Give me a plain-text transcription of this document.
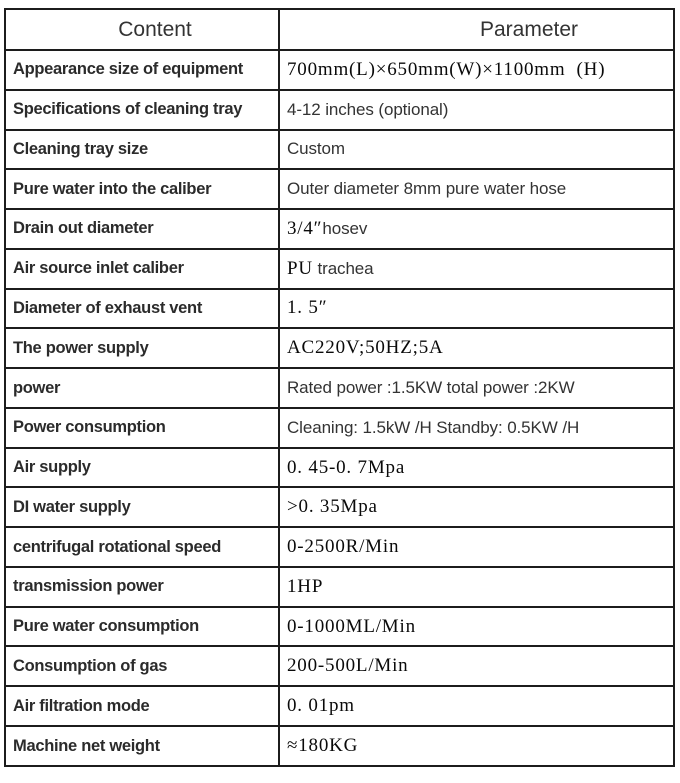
Content	Parameter
Appearance size of equipment	700mm(L)×650mm(W)×1100mm  (H)
Specifications of cleaning tray	4-12 inches (optional)
Cleaning tray size	Custom
Pure water into the caliber	Outer diameter 8mm pure water hose
Drain out diameter	3/4″hosev
Air source inlet caliber	PU trachea
Diameter of exhaust vent	1. 5″
The power supply	AC220V;50HZ;5A
power	Rated power :1.5KW total power :2KW
Power consumption	Cleaning: 1.5kW /H Standby: 0.5KW /H
Air supply	0. 45-0. 7Mpa
DI water supply	>0. 35Mpa
centrifugal rotational speed	0-2500R/Min
transmission power	1HP
Pure water consumption	0-1000ML/Min
Consumption of gas	200-500L/Min
Air filtration mode	0. 01pm
Machine net weight	≈180KG
